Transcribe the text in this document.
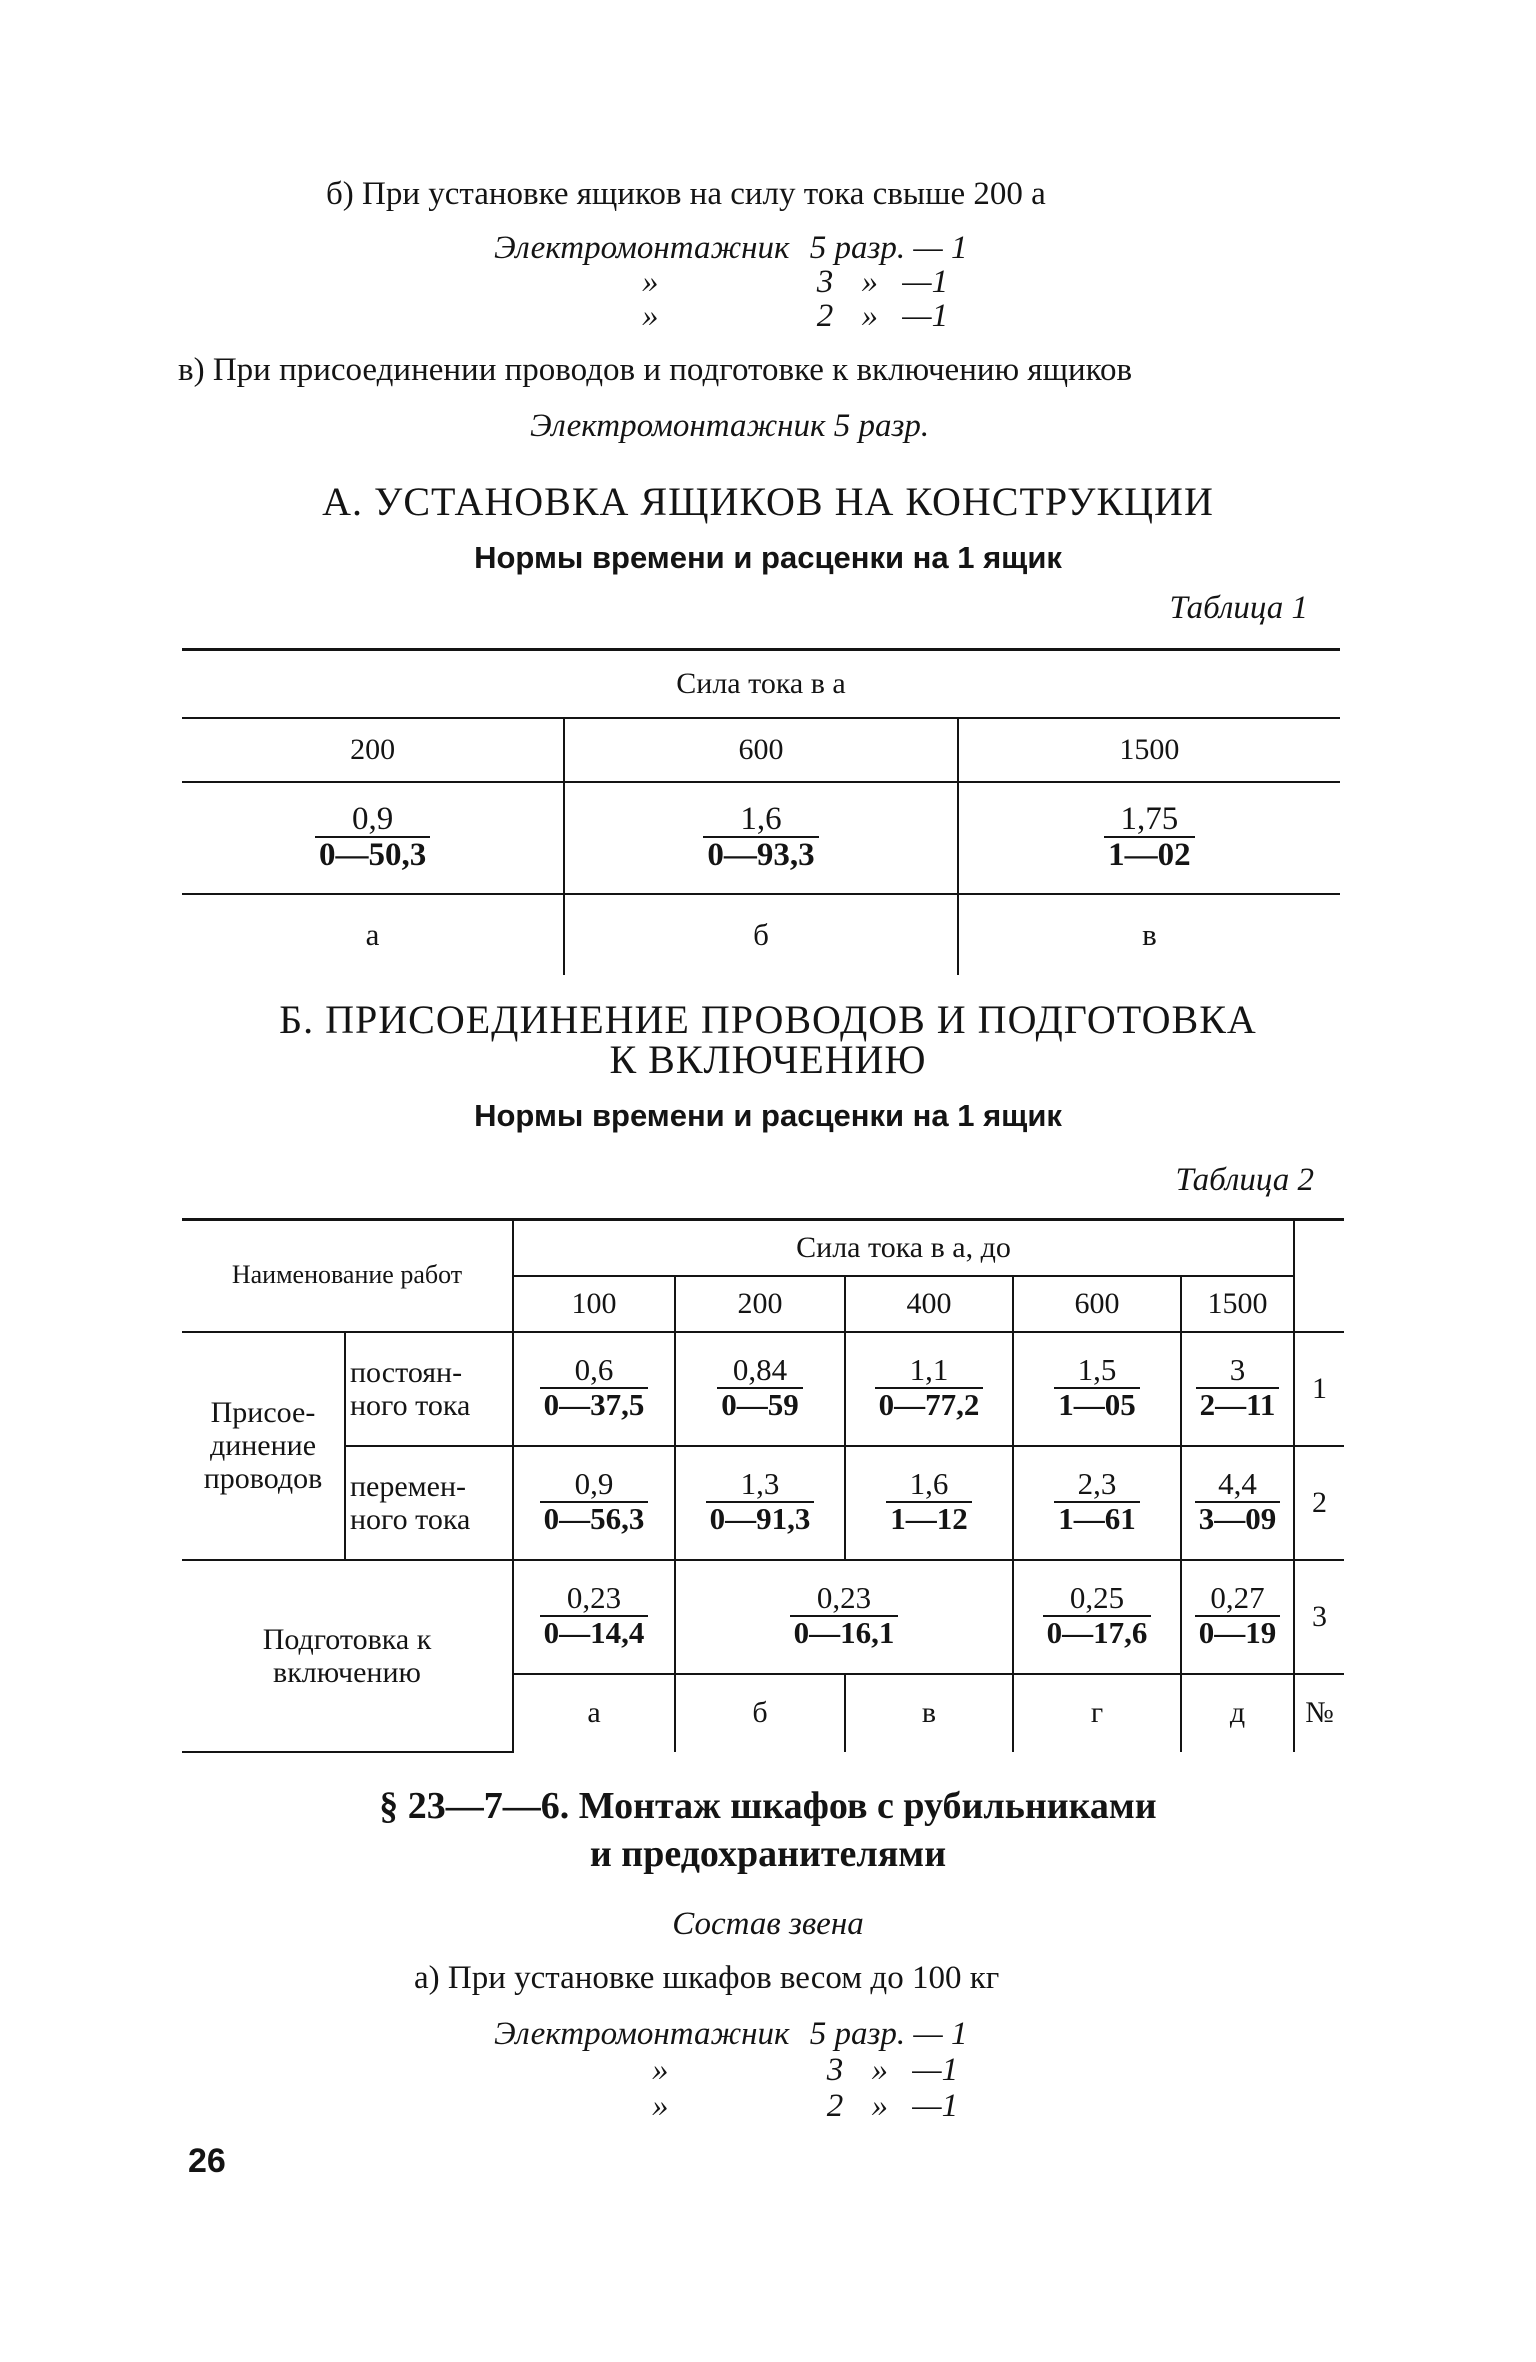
б) При установке ящиков на силу тока свыше 200 а
Электромонтажник 5 разр. — 1
»	3 » —1
»	2 » —1
в) При присоединении проводов и подготовке к включению ящиков
Электромонтажник 5 разр.
А. УСТАНОВКА ЯЩИКОВ НА КОНСТРУКЦИИ
Нормы времени и расценки на 1 ящик
Таблица 1
Сила тока в а		
200	600	1500

$\frac{0,9}{0—50,3}$	$\frac{1,6}{0—93,3}$	$\frac{1,75}{1—02}$

а	б	в
Б. ПРИСОЕДИНЕНИЕ ПРОВОДОВ И ПОДГОТОВКА
К ВКЛЮЧЕНИЮ
Нормы времени и расценки на 1 ящик
Таблица 2
Наименование работ		Сила тока в а, до					
		100	200	400	600	1500	
Присое-динение проводов	постоян-ного тока	$\frac{0,6}{0—37,5}$	$\frac{0,84}{0—59}$	$\frac{1,1}{0—77,2}$	$\frac{1,5}{1—05}$	$\frac{3}{2—11}$	1
	перемен-ного тока	$\frac{0,9}{0—56,3}$	$\frac{1,3}{0—91,3}$	$\frac{1,6}{1—12}$	$\frac{2,3}{1—61}$	$\frac{4,4}{3—09}$	2
Подготовка к включению		$\frac{0,23}{0—14,4}$	$\frac{0,23}{0—16,1}$		$\frac{0,25}{0—17,6}$	$\frac{0,27}{0—19}$	3
		а	б	в	г	д	№
§ 23—7—6. Монтаж шкафов с рубильниками
и предохранителями
Состав звена
а) При установке шкафов весом до 100 кг
Электромонтажник 5 разр. — 1
»	3 » —1
»	2 » —1
26
